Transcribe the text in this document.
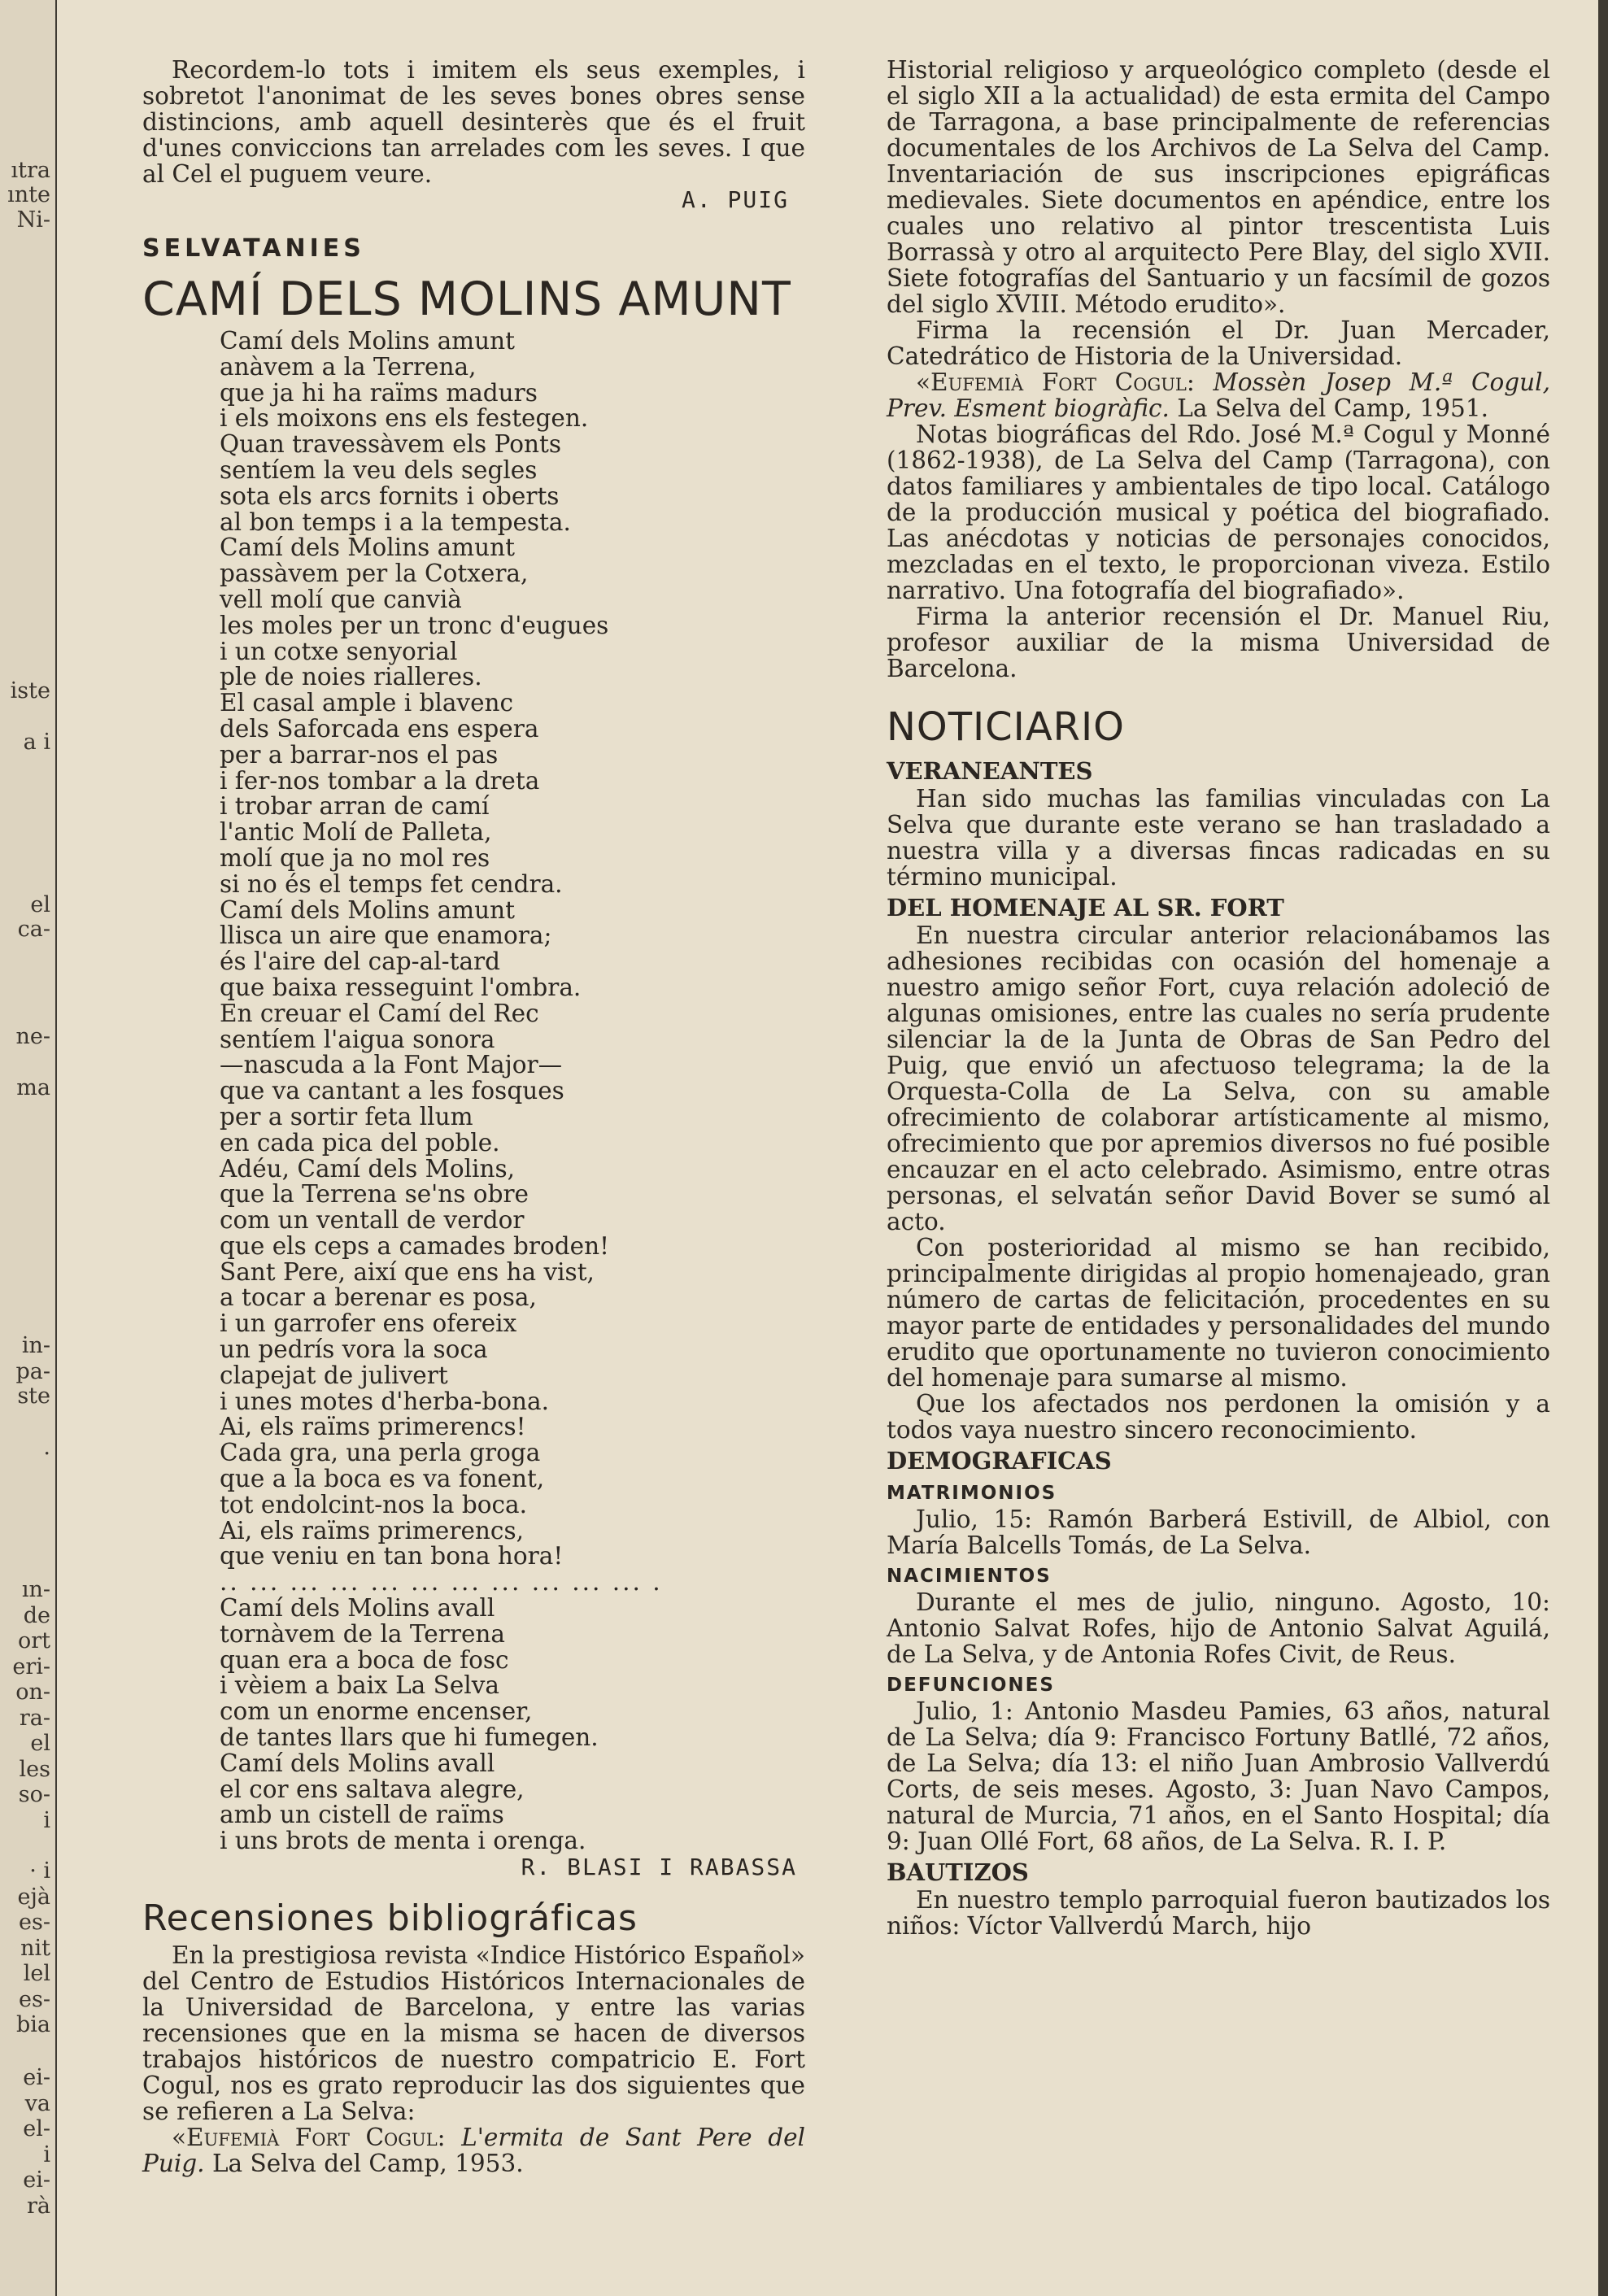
ıtra
ınte
Ni-
iste
a i
el
ca-
ne-
ma
in-
pa-
ste
.
ın-
de
ort
eri-
on-
ra-
el
les
so-
i
· i
ejà
es-
nit
lel
es-
bia
ei-
va
el-
i
ei-
rà

Recordem-lo tots i imitem els seus exemples, i sobretot l'anonimat de les seves bones obres sense distincions, amb aquell desinterès que és el fruit d'unes conviccions tan arrelades com les seves. I que al Cel el puguem veure.

A. PUIG
SELVATANIES
CAMÍ DELS MOLINS AMUNT
Camí dels Molins amunt
anàvem a la Terrena,
que ja hi ha raïms madurs
i els moixons ens els festegen.
Quan travessàvem els Ponts
sentíem la veu dels segles
sota els arcs fornits i oberts
al bon temps i a la tempesta.
Camí dels Molins amunt
passàvem per la Cotxera,
vell molí que canvià
les moles per un tronc d'eugues
i un cotxe senyorial
ple de noies rialleres.
El casal ample i blavenc
dels Saforcada ens espera
per a barrar-nos el pas
i fer-nos tombar a la dreta
i trobar arran de camí
l'antic Molí de Palleta,
molí que ja no mol res
si no és el temps fet cendra.
Camí dels Molins amunt
llisca un aire que enamora;
és l'aire del cap-al-tard
que baixa resseguint l'ombra.
En creuar el Camí del Rec
sentíem l'aigua sonora
—nascuda a la Font Major—
que va cantant a les fosques
per a sortir feta llum
en cada pica del poble.
Adéu, Camí dels Molins,
que la Terrena se'ns obre
com un ventall de verdor
que els ceps a camades broden!
Sant Pere, així que ens ha vist,
a tocar a berenar es posa,
i un garrofer ens ofereix
un pedrís vora la soca
clapejat de julivert
i unes motes d'herba-bona.
Ai, els raïms primerencs!
Cada gra, una perla groga
que a la boca es va fonent,
tot endolcint-nos la boca.
Ai, els raïms primerencs,
que veniu en tan bona hora!
.. ... ... ... ... ... ... ... ... ... ... .
Camí dels Molins avall
tornàvem de la Terrena
quan era a boca de fosc
i vèiem a baix La Selva
com un enorme encenser,
de tantes llars que hi fumegen.
Camí dels Molins avall
el cor ens saltava alegre,
amb un cistell de raïms
i uns brots de menta i orenga.
R. BLASI I RABASSA
Recensiones bibliográficas

En la prestigiosa revista «Indice Histórico Español» del Centro de Estudios Históricos Internacionales de la Universidad de Barcelona, y entre las varias recensiones que en la misma se hacen de diversos trabajos históricos de nuestro compatricio E. Fort Cogul, nos es grato reproducir las dos siguientes que se refieren a La Selva:

«Eufemià Fort Cogul: L'ermita de Sant Pere del Puig. La Selva del Camp, 1953.

Historial religioso y arqueológico completo (desde el el siglo XII a la actualidad) de esta ermita del Campo de Tarragona, a base principalmente de referencias documentales de los Archivos de La Selva del Camp. Inventariación de sus inscripciones epigráficas medievales. Siete documentos en apéndice, entre los cuales uno relativo al pintor trescentista Luis Borrassà y otro al arquitecto Pere Blay, del siglo XVII. Siete fotografías del Santuario y un facsímil de gozos del siglo XVIII. Método erudito».

Firma la recensión el Dr. Juan Mercader, Catedrático de Historia de la Universidad.

«Eufemià Fort Cogul: Mossèn Josep M.ª Cogul, Prev. Esment biogràfic. La Selva del Camp, 1951.

Notas biográficas del Rdo. José M.ª Cogul y Monné (1862-1938), de La Selva del Camp (Tarragona), con datos familiares y ambientales de tipo local. Catálogo de la producción musical y poética del biografiado. Las anécdotas y noticias de personajes conocidos, mezcladas en el texto, le proporcionan viveza. Estilo narrativo. Una fotografía del biografiado».

Firma la anterior recensión el Dr. Manuel Riu, profesor auxiliar de la misma Universidad de Barcelona.

NOTICIARIO
VERANEANTES

Han sido muchas las familias vinculadas con La Selva que durante este verano se han trasladado a nuestra villa y a diversas fincas radicadas en su término municipal.

DEL HOMENAJE AL SR. FORT

En nuestra circular anterior relacionábamos las adhesiones recibidas con ocasión del homenaje a nuestro amigo señor Fort, cuya relación adoleció de algunas omisiones, entre las cuales no sería prudente silenciar la de la Junta de Obras de San Pedro del Puig, que envió un afectuoso telegrama; la de la Orquesta-Colla de La Selva, con su amable ofrecimiento de colaborar artísticamente al mismo, ofrecimiento que por apremios diversos no fué posible encauzar en el acto celebrado. Asimismo, entre otras personas, el selvatán señor David Bover se sumó al acto.

Con posterioridad al mismo se han recibido, principalmente dirigidas al propio homenajeado, gran número de cartas de felicitación, procedentes en su mayor parte de entidades y personalidades del mundo erudito que oportunamente no tuvieron conocimiento del homenaje para sumarse al mismo.

Que los afectados nos perdonen la omisión y a todos vaya nuestro sincero reconocimiento.

DEMOGRAFICAS
MATRIMONIOS

Julio, 15: Ramón Barberá Estivill, de Albiol, con María Balcells Tomás, de La Selva.

NACIMIENTOS

Durante el mes de julio, ninguno. Agosto, 10: Antonio Salvat Rofes, hijo de Antonio Salvat Aguilá, de La Selva, y de Antonia Rofes Civit, de Reus.

DEFUNCIONES

Julio, 1: Antonio Masdeu Pamies, 63 años, natural de La Selva; día 9: Francisco Fortuny Batllé, 72 años, de La Selva; día 13: el niño Juan Ambrosio Vallverdú Corts, de seis meses. Agosto, 3: Juan Navo Campos, natural de Murcia, 71 años, en el Santo Hospital; día 9: Juan Ollé Fort, 68 años, de La Selva. R. I. P.

BAUTIZOS

En nuestro templo parroquial fueron bautizados los niños: Víctor Vallverdú March, hijo
